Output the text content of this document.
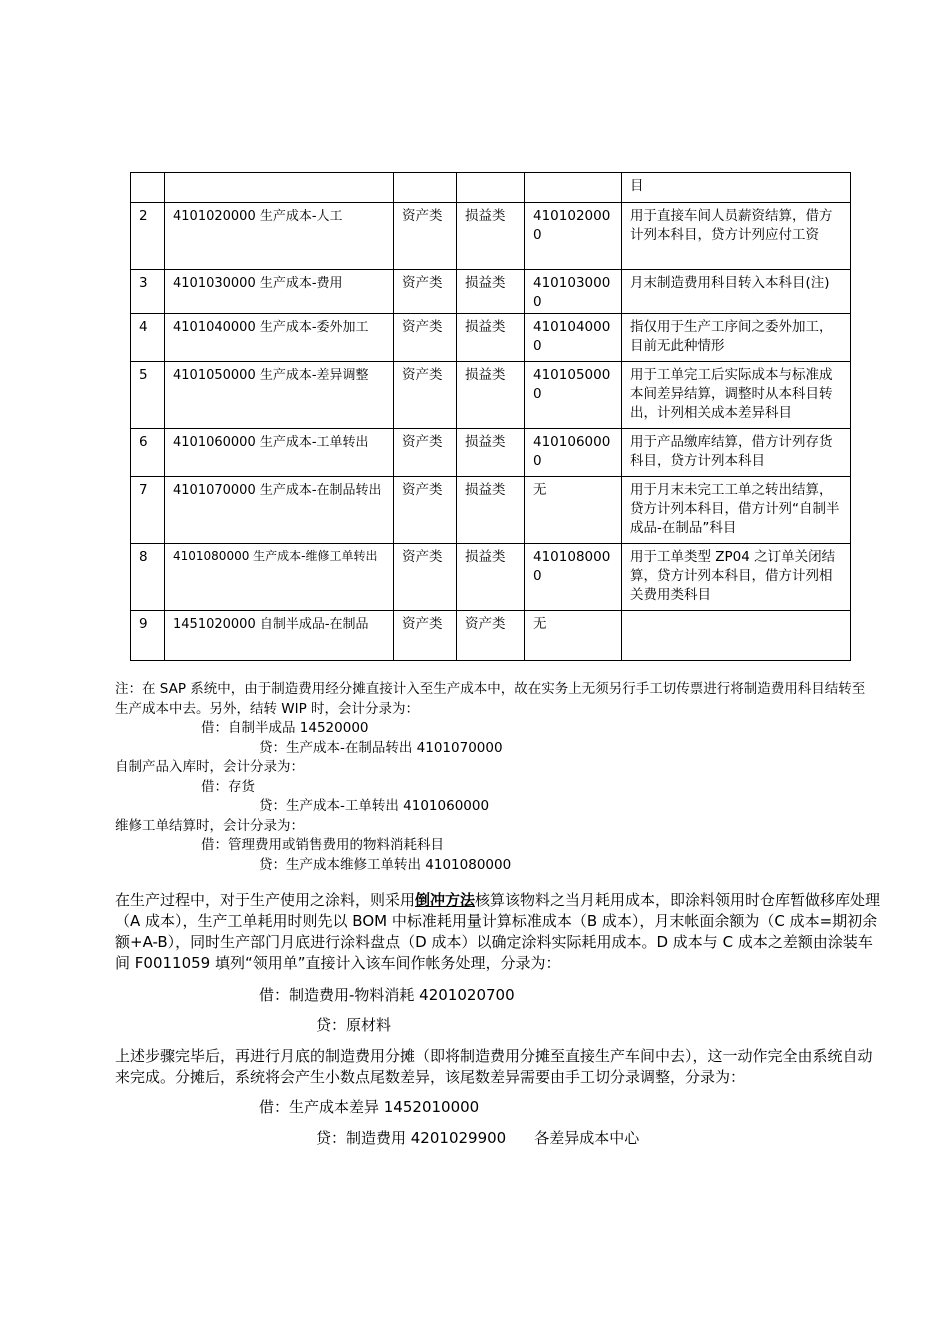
					目
2	4101020000 生产成本-人工	资产类	损益类	4101020000	用于直接车间人员薪资结算，借方计列本科目，贷方计列应付工资
3	4101030000 生产成本-费用	资产类	损益类	4101030000	月末制造费用科目转入本科目(注)
4	4101040000 生产成本-委外加工	资产类	损益类	4101040000	指仅用于生产工序间之委外加工，目前无此种情形
5	4101050000 生产成本-差异调整	资产类	损益类	4101050000	用于工单完工后实际成本与标准成本间差异结算，调整时从本科目转出，计列相关成本差异科目
6	4101060000 生产成本-工单转出	资产类	损益类	4101060000	用于产品缴库结算，借方计列存货科目，贷方计列本科目
7	4101070000 生产成本-在制品转出	资产类	损益类	无	用于月末未完工工单之转出结算，贷方计列本科目，借方计列“自制半成品-在制品”科目
8	4101080000 生产成本-维修工单转出	资产类	损益类	4101080000	用于工单类型 ZP04 之订单关闭结算，贷方计列本科目，借方计列相关费用类科目
9	1451020000 自制半成品-在制品	资产类	资产类	无	

注：在 SAP 系统中，由于制造费用经分摊直接计入至生产成本中，故在实务上无须另行手工切传票进行将制造费用科目结转至生产成本中去。另外，结转 WIP 时，会计分录为：

借：自制半成品 14520000

贷：生产成本-在制品转出 4101070000

自制产品入库时，会计分录为：

借：存货

贷：生产成本-工单转出 4101060000

维修工单结算时，会计分录为：

借：管理费用或销售费用的物料消耗科目

贷：生产成本维修工单转出 4101080000

在生产过程中，对于生产使用之涂料，则采用倒冲方法核算该物料之当月耗用成本，即涂料领用时仓库暂做移库处理（A 成本），生产工单耗用时则先以 BOM 中标准耗用量计算标准成本（B 成本），月末帐面余额为（C 成本=期初余额+A-B），同时生产部门月底进行涂料盘点（D 成本）以确定涂料实际耗用成本。D 成本与 C 成本之差额由涂装车间 F0011059 填列“领用单”直接计入该车间作帐务处理，分录为：

借：制造费用-物料消耗 4201020700

贷：原材料

上述步骤完毕后，再进行月底的制造费用分摊（即将制造费用分摊至直接生产车间中去），这一动作完全由系统自动来完成。分摊后，系统将会产生小数点尾数差异，该尾数差异需要由手工切分录调整，分录为：

借：生产成本差异 1452010000

贷：制造费用 4201029900 各差异成本中心
